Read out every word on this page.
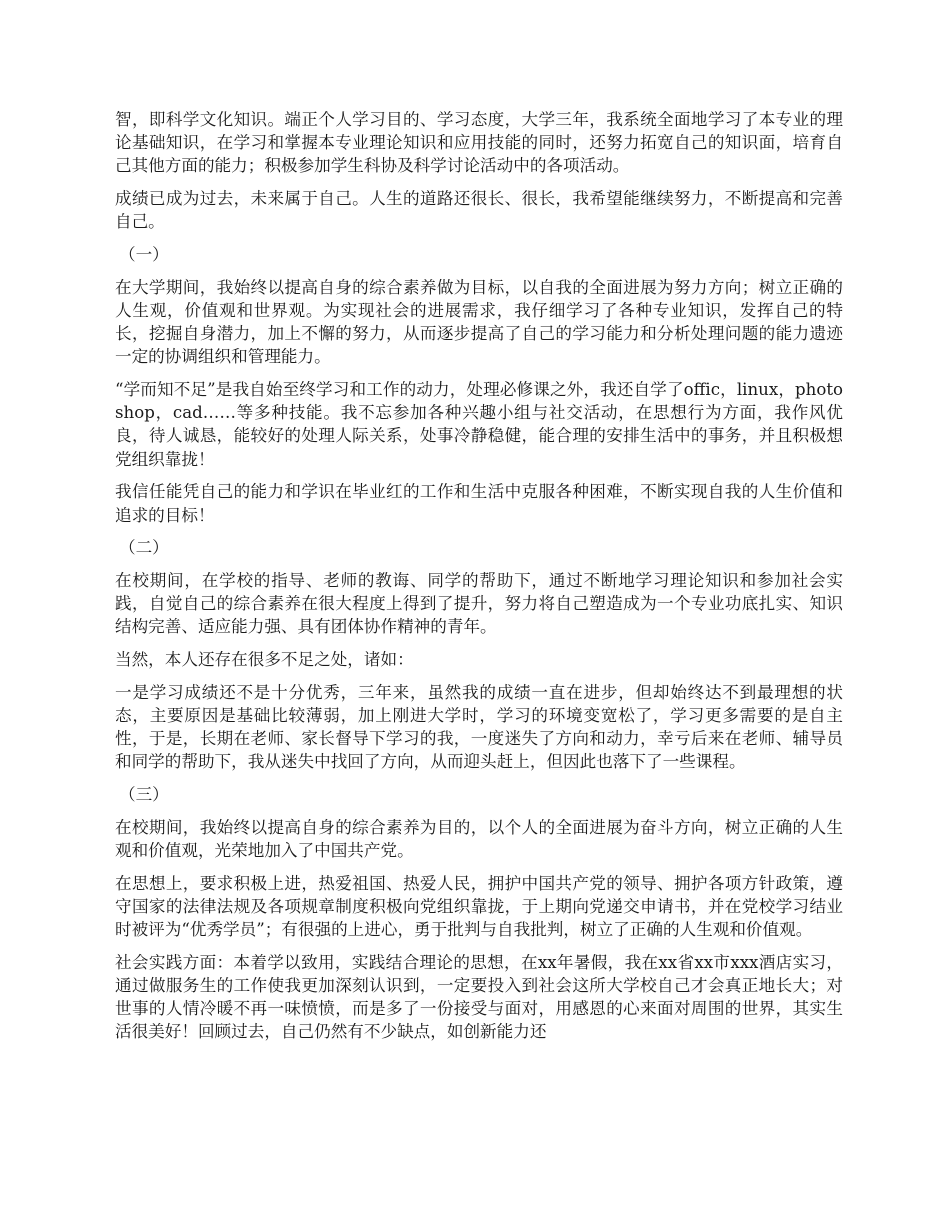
智，即科学文化知识。端正个人学习目的、学习态度，大学三年，我系统全面地学习了本专业的理论基础知识，在学习和掌握本专业理论知识和应用技能的同时，还努力拓宽自己的知识面，培育自己其他方面的能力；积极参加学生科协及科学讨论活动中的各项活动。

成绩已成为过去，未来属于自己。人生的道路还很长、很长，我希望能继续努力，不断提高和完善自己。

（一）

在大学期间，我始终以提高自身的综合素养做为目标，以自我的全面进展为努力方向；树立正确的人生观，价值观和世界观。为实现社会的进展需求，我仔细学习了各种专业知识，发挥自己的特长，挖掘自身潜力，加上不懈的努力，从而逐步提高了自己的学习能力和分析处理问题的能力遗迹一定的协调组织和管理能力。

“学而知不足”是我自始至终学习和工作的动力，处理必修课之外，我还自学了offic，linux，photoshop，cad……等多种技能。我不忘参加各种兴趣小组与社交活动，在思想行为方面，我作风优良，待人诚恳，能较好的处理人际关系，处事冷静稳健，能合理的安排生活中的事务，并且积极想党组织靠拢！

我信任能凭自己的能力和学识在毕业红的工作和生活中克服各种困难，不断实现自我的人生价值和追求的目标！

（二）

在校期间，在学校的指导、老师的教诲、同学的帮助下，通过不断地学习理论知识和参加社会实践，自觉自己的综合素养在很大程度上得到了提升，努力将自己塑造成为一个专业功底扎实、知识结构完善、适应能力强、具有团体协作精神的青年。

当然，本人还存在很多不足之处，诸如：

一是学习成绩还不是十分优秀，三年来，虽然我的成绩一直在进步，但却始终达不到最理想的状态，主要原因是基础比较薄弱，加上刚进大学时，学习的环境变宽松了，学习更多需要的是自主性，于是，长期在老师、家长督导下学习的我，一度迷失了方向和动力，幸亏后来在老师、辅导员和同学的帮助下，我从迷失中找回了方向，从而迎头赶上，但因此也落下了一些课程。

（三）

在校期间，我始终以提高自身的综合素养为目的，以个人的全面进展为奋斗方向，树立正确的人生观和价值观，光荣地加入了中国共产党。

在思想上，要求积极上进，热爱祖国、热爱人民，拥护中国共产党的领导、拥护各项方针政策，遵守国家的法律法规及各项规章制度积极向党组织靠拢，于上期向党递交申请书，并在党校学习结业时被评为“优秀学员”；有很强的上进心，勇于批判与自我批判，树立了正确的人生观和价值观。

社会实践方面：本着学以致用，实践结合理论的思想，在xx年暑假，我在xx省xx市xxx酒店实习，通过做服务生的工作使我更加深刻认识到，一定要投入到社会这所大学校自己才会真正地长大；对世事的人情冷暖不再一味愤愤，而是多了一份接受与面对，用感恩的心来面对周围的世界，其实生活很美好！回顾过去，自己仍然有不少缺点，如创新能力还
